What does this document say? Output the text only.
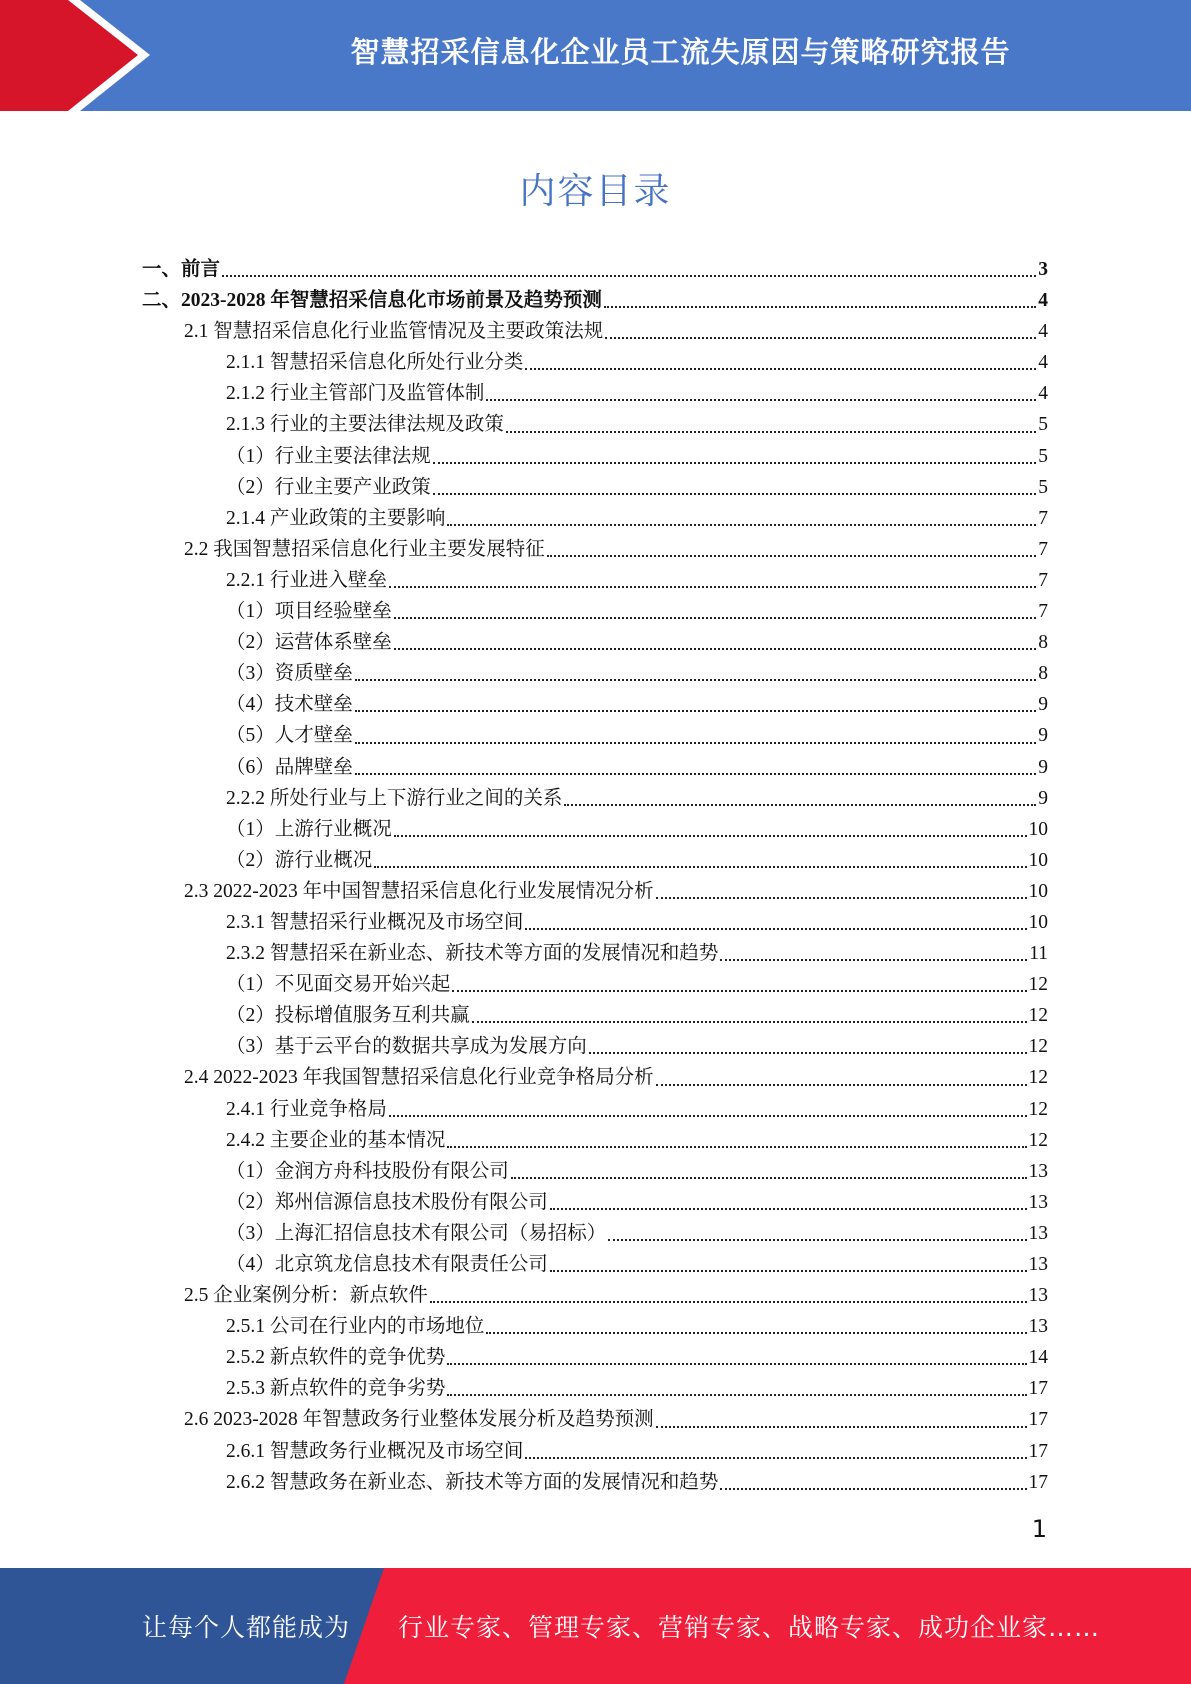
智慧招采信息化企业员工流失原因与策略研究报告
内容目录
一、前言	3
二、2023-2028 年智慧招采信息化市场前景及趋势预测	4
2.1 智慧招采信息化行业监管情况及主要政策法规	4
2.1.1 智慧招采信息化所处行业分类	4
2.1.2 行业主管部门及监管体制	4
2.1.3 行业的主要法律法规及政策	5
（1）行业主要法律法规	5
（2）行业主要产业政策	5
2.1.4 产业政策的主要影响	7
2.2 我国智慧招采信息化行业主要发展特征	7
2.2.1 行业进入壁垒	7
（1）项目经验壁垒	7
（2）运营体系壁垒	8
（3）资质壁垒	8
（4）技术壁垒	9
（5）人才壁垒	9
（6）品牌壁垒	9
2.2.2 所处行业与上下游行业之间的关系	9
（1）上游行业概况	10
（2）游行业概况	10
2.3 2022-2023 年中国智慧招采信息化行业发展情况分析	10
2.3.1 智慧招采行业概况及市场空间	10
2.3.2 智慧招采在新业态、新技术等方面的发展情况和趋势	11
（1）不见面交易开始兴起	12
（2）投标增值服务互利共赢	12
（3）基于云平台的数据共享成为发展方向	12
2.4 2022-2023 年我国智慧招采信息化行业竞争格局分析	12
2.4.1 行业竞争格局	12
2.4.2 主要企业的基本情况	12
（1）金润方舟科技股份有限公司	13
（2）郑州信源信息技术股份有限公司	13
（3）上海汇招信息技术有限公司（易招标）	13
（4）北京筑龙信息技术有限责任公司	13
2.5 企业案例分析：新点软件	13
2.5.1 公司在行业内的市场地位	13
2.5.2 新点软件的竞争优势	14
2.5.3 新点软件的竞争劣势	17
2.6 2023-2028 年智慧政务行业整体发展分析及趋势预测	17
2.6.1 智慧政务行业概况及市场空间	17
2.6.2 智慧政务在新业态、新技术等方面的发展情况和趋势	17
1
让每个人都能成为 行业专家、管理专家、营销专家、战略专家、成功企业家……
